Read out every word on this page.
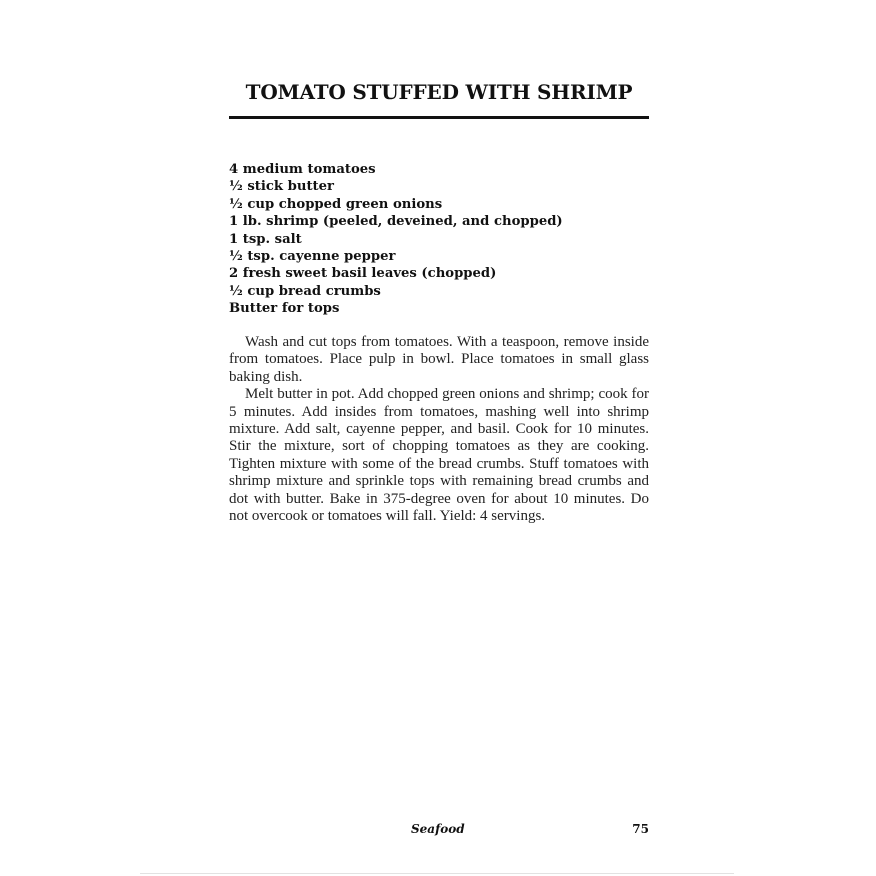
TOMATO STUFFED WITH SHRIMP
4 medium tomatoes
½ stick butter
½ cup chopped green onions
1 lb. shrimp (peeled, deveined, and chopped)
1 tsp. salt
½ tsp. cayenne pepper
2 fresh sweet basil leaves (chopped)
½ cup bread crumbs
Butter for tops

Wash and cut tops from tomatoes. With a teaspoon, remove inside from tomatoes. Place pulp in bowl. Place tomatoes in small glass baking dish.

Melt butter in pot. Add chopped green onions and shrimp; cook for 5 minutes. Add insides from tomatoes, mashing well into shrimp mixture. Add salt, cayenne pepper, and basil. Cook for 10 minutes. Stir the mixture, sort of chopping tomatoes as they are cooking. Tighten mixture with some of the bread crumbs. Stuff tomatoes with shrimp mixture and sprinkle tops with remaining bread crumbs and dot with butter. Bake in 375-degree oven for about 10 minutes. Do not overcook or tomatoes will fall. Yield: 4 servings.

Seafood	75
